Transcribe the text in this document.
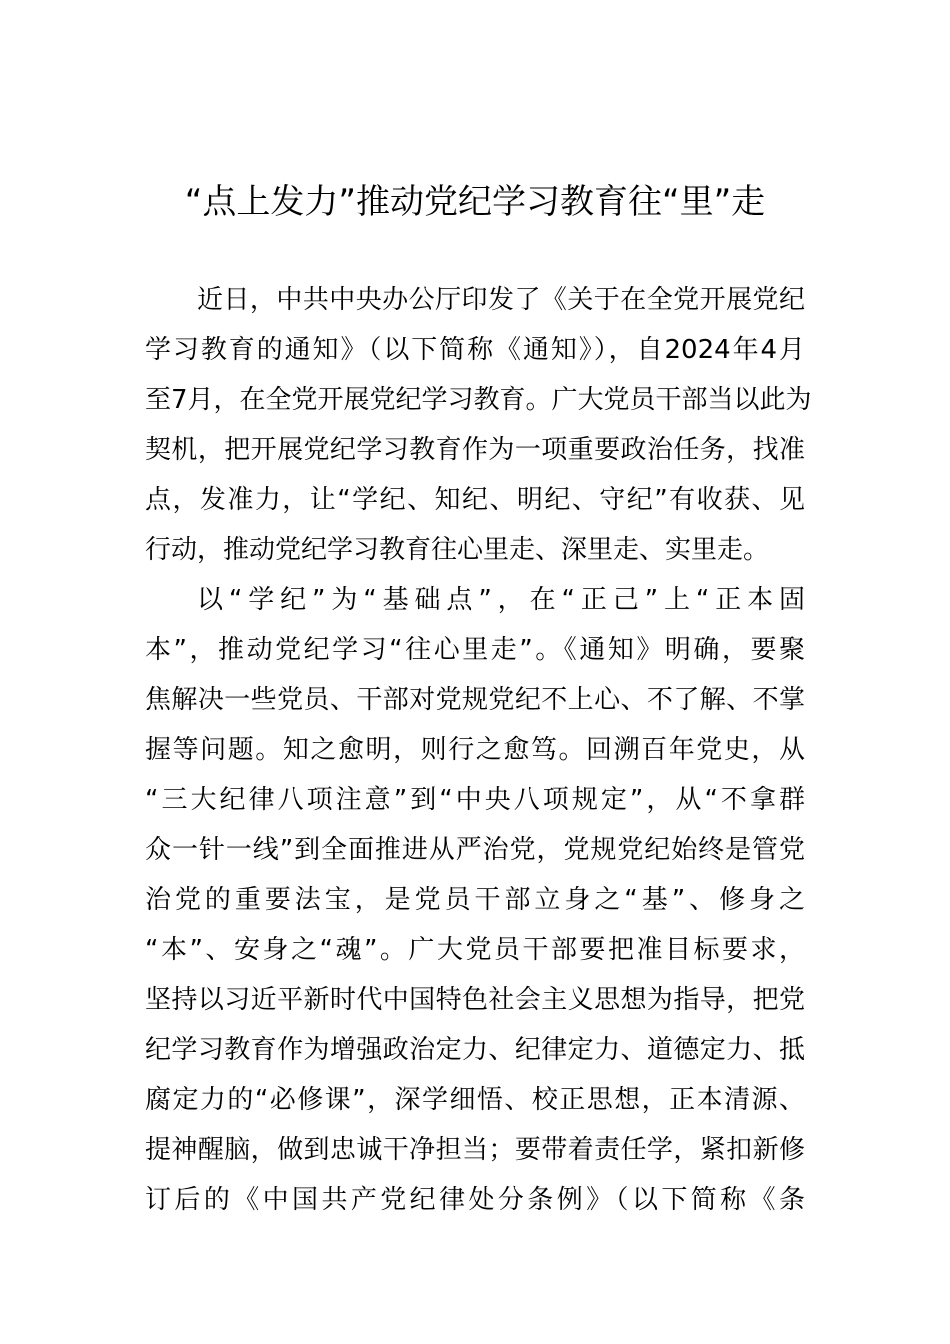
“点上发力”推动党纪学习教育往“里”走
近日，中共中央办公厅印发了《关于在全党开展党纪
学习教育的通知》（以下简称《通知》），自2024年4月
至7月，在全党开展党纪学习教育。广大党员干部当以此为
契机，把开展党纪学习教育作为一项重要政治任务，找准
点，发准力，让“学纪、知纪、明纪、守纪”有收获、见
行动，推动党纪学习教育往心里走、深里走、实里走。
以“学纪”为“基础点”，在“正己”上“正本固
本”，推动党纪学习“往心里走”。《通知》明确，要聚
焦解决一些党员、干部对党规党纪不上心、不了解、不掌
握等问题。知之愈明，则行之愈笃。回溯百年党史，从
“三大纪律八项注意”到“中央八项规定”，从“不拿群
众一针一线”到全面推进从严治党，党规党纪始终是管党
治党的重要法宝，是党员干部立身之“基”、修身之
“本”、安身之“魂”。广大党员干部要把准目标要求，
坚持以习近平新时代中国特色社会主义思想为指导，把党
纪学习教育作为增强政治定力、纪律定力、道德定力、抵
腐定力的“必修课”，深学细悟、校正思想，正本清源、
提神醒脑，做到忠诚干净担当；要带着责任学，紧扣新修
订后的《中国共产党纪律处分条例》（以下简称《条
